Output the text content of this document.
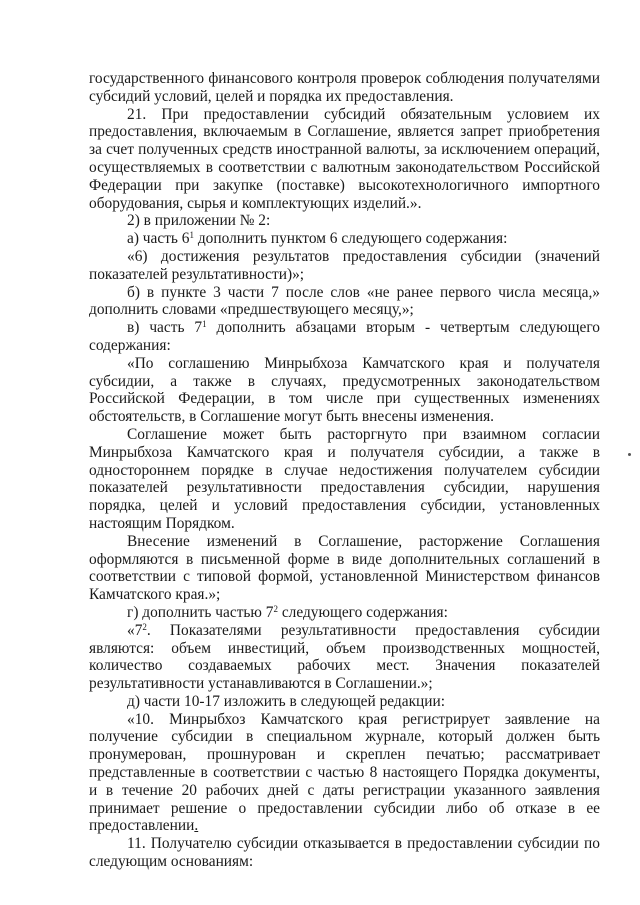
государственного финансового контроля проверок соблюдения получателями субсидий условий, целей и порядка их предоставления.

21. При предоставлении субсидий обязательным условием их предоставления, включаемым в Соглашение, является запрет приобретения за счет полученных средств иностранной валюты, за исключением операций, осуществляемых в соответствии с валютным законодательством Российской Федерации при закупке (поставке) высокотехнологичного импортного оборудования, сырья и комплектующих изделий.».

2) в приложении № 2:

а) часть $6^1$ дополнить пунктом 6 следующего содержания:

«6) достижения результатов предоставления субсидии (значений показателей результативности)»;

б) в пункте 3 части 7 после слов «не ранее первого числа месяца,» дополнить словами «предшествующего месяцу,»;

в) часть $7^1$ дополнить абзацами вторым - четвертым следующего содержания:

«По соглашению Минрыбхоза Камчатского края и получателя субсидии, а также в случаях, предусмотренных законодательством Российской Федерации, в том числе при существенных изменениях обстоятельств, в Соглашение могут быть внесены изменения.

Соглашение может быть расторгнуто при взаимном согласии Минрыбхоза Камчатского края и получателя субсидии, а также в одностороннем порядке в случае недостижения получателем субсидии показателей результативности предоставления субсидии, нарушения порядка, целей и условий предоставления субсидии, установленных настоящим Порядком.

Внесение изменений в Соглашение, расторжение Соглашения оформляются в письменной форме в виде дополнительных соглашений в соответствии с типовой формой, установленной Министерством финансов Камчатского края.»;

г) дополнить частью $7^2$ следующего содержания:

«$7^2$. Показателями результативности предоставления субсидии являются: объем инвестиций, объем производственных мощностей, количество создаваемых рабочих мест. Значения показателей результативности устанавливаются в Соглашении.»;

д) части 10-17 изложить в следующей редакции:

«10. Минрыбхоз Камчатского края регистрирует заявление на получение субсидии в специальном журнале, который должен быть пронумерован, прошнурован и скреплен печатью; рассматривает представленные в соответствии с частью 8 настоящего Порядка документы, и в течение 20 рабочих дней с даты регистрации указанного заявления принимает решение о предоставлении субсидии либо об отказе в ее предоставлении.

11. Получателю субсидии отказывается в предоставлении субсидии по следующим основаниям:
